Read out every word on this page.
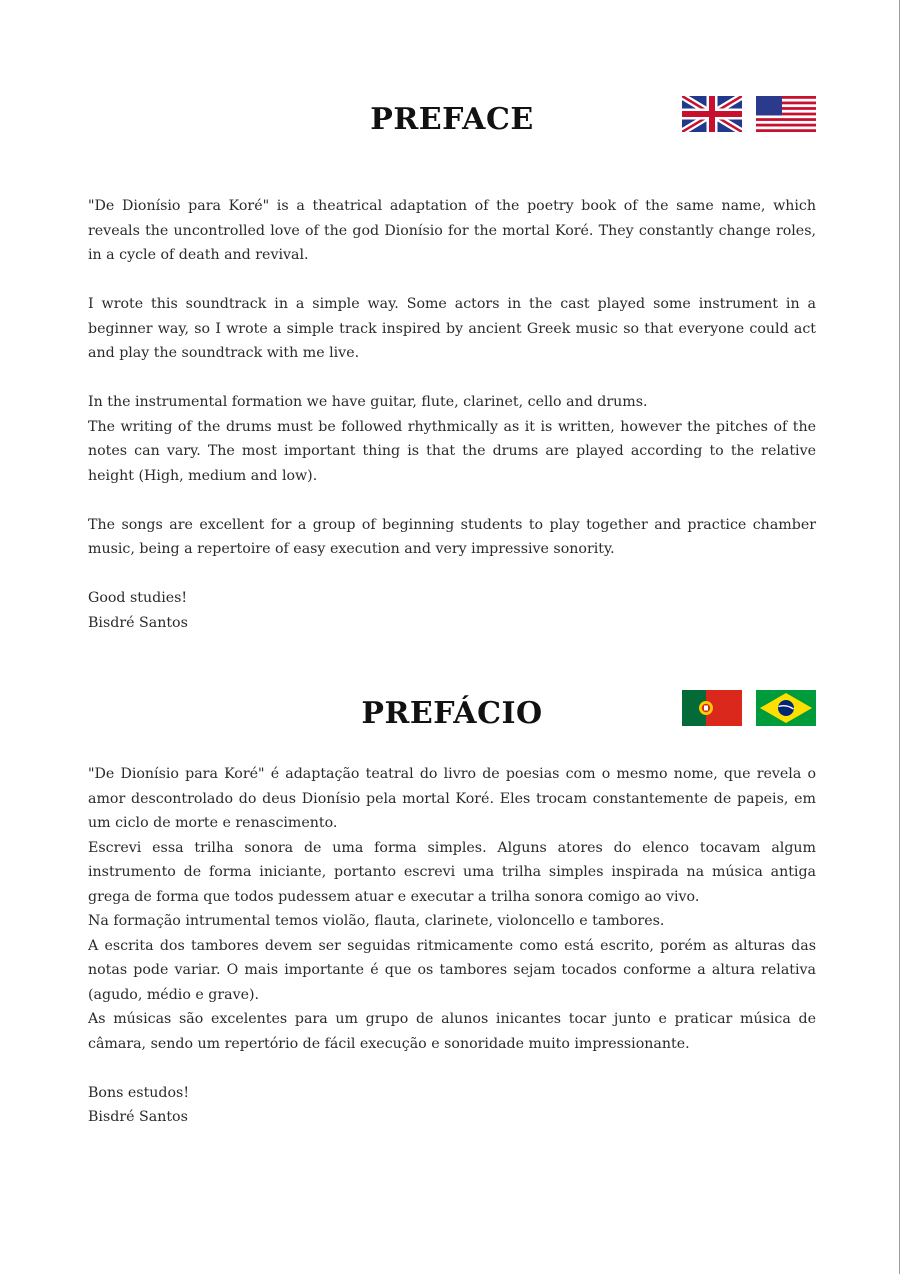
PREFACE

"De Dionísio para Koré" is a theatrical adaptation of the poetry book of the same name, which reveals the uncontrolled love of the god Dionísio for the mortal Koré. They constantly change roles, in a cycle of death and revival.

I wrote this soundtrack in a simple way. Some actors in the cast played some instrument in a beginner way, so I wrote a simple track inspired by ancient Greek music so that everyone could act and play the soundtrack with me live.

In the instrumental formation we have guitar, flute, clarinet, cello and drums.

The writing of the drums must be followed rhythmically as it is written, however the pitches of the notes can vary. The most important thing is that the drums are played according to the relative height (High, medium and low).

The songs are excellent for a group of beginning students to play together and practice chamber music, being a repertoire of easy execution and very impressive sonority.

Good studies!

Bisdré Santos

PREFÁCIO

"De Dionísio para Koré" é adaptação teatral do livro de poesias com o mesmo nome, que revela o amor descontrolado do deus Dionísio pela mortal Koré. Eles trocam constantemente de papeis, em um ciclo de morte e renascimento.

Escrevi essa trilha sonora de uma forma simples. Alguns atores do elenco tocavam algum instrumento de forma iniciante, portanto escrevi uma trilha simples inspirada na música antiga grega de forma que todos pudessem atuar e executar a trilha sonora comigo ao vivo.

Na formação intrumental temos violão, flauta, clarinete, violoncello e tambores.

A escrita dos tambores devem ser seguidas ritmicamente como está escrito, porém as alturas das notas pode variar. O mais importante é que os tambores sejam tocados conforme a altura relativa (agudo, médio e grave).

As músicas são excelentes para um grupo de alunos inicantes tocar junto e praticar música de câmara, sendo um repertório de fácil execução e sonoridade muito impressionante.

Bons estudos!

Bisdré Santos
